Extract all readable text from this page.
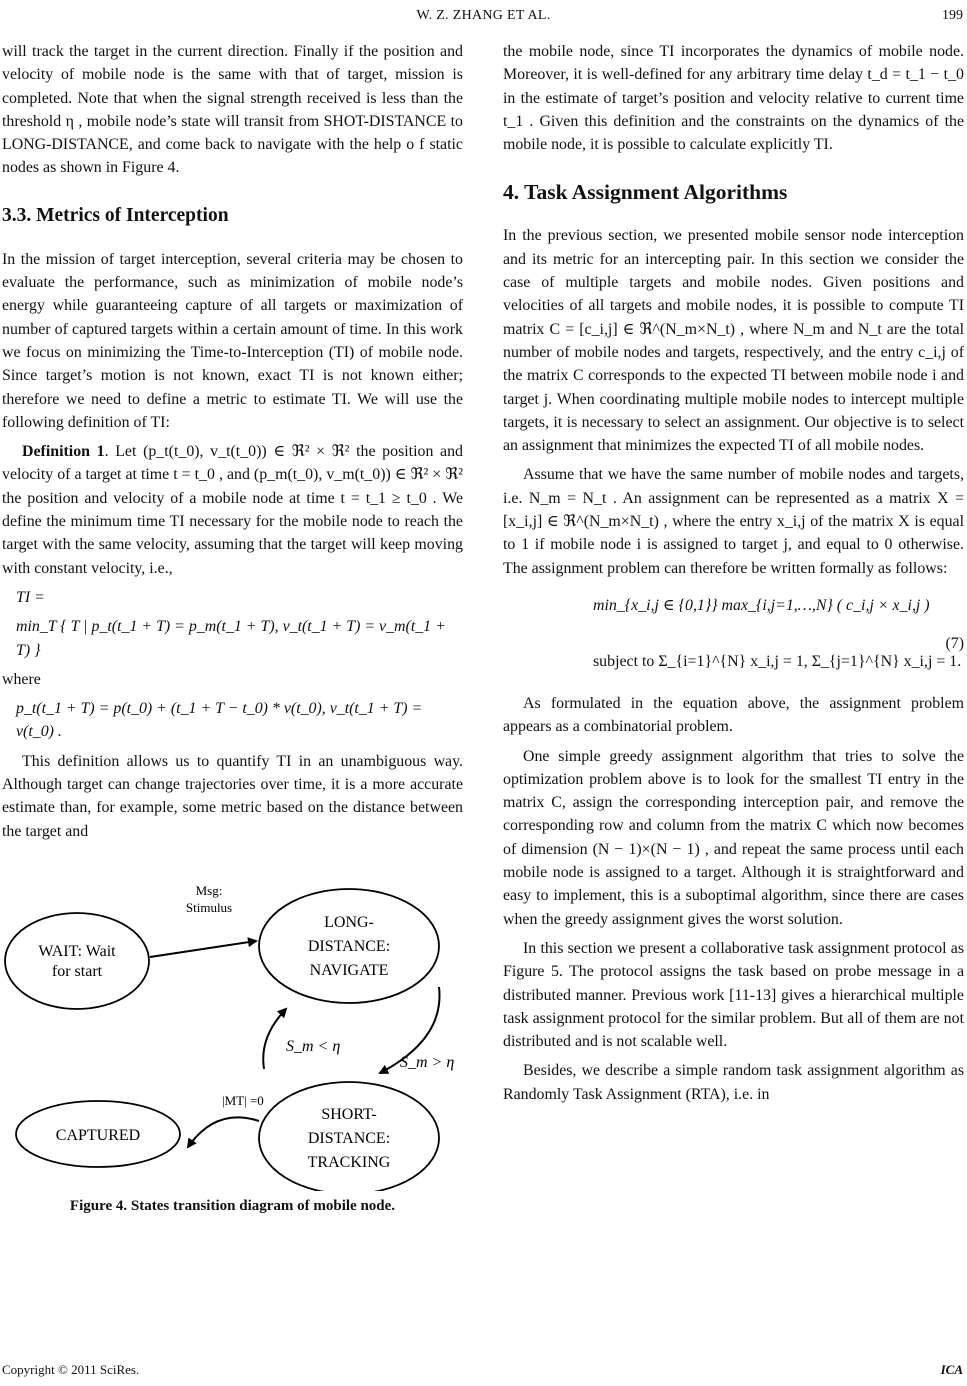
W. Z. ZHANG ET AL.	199

will track the target in the current direction. Finally if the position and velocity of mobile node is the same with that of target, mission is completed. Note that when the signal strength received is less than the threshold η , mobile node’s state will transit from SHOT-DISTANCE to LONG-DISTANCE, and come back to navigate with the help o f static nodes as shown in Figure 4.

3.3. Metrics of Interception

In the mission of target interception, several criteria may be chosen to evaluate the performance, such as minimization of mobile node’s energy while guaranteeing capture of all targets or maximization of number of captured targets within a certain amount of time. In this work we focus on minimizing the Time-to-Interception (TI) of mobile node. Since target’s motion is not known, exact TI is not known either; therefore we need to define a metric to estimate TI. We will use the following definition of TI:

Definition 1. Let (p_t(t_0), v_t(t_0)) ∈ ℜ² × ℜ² the position and velocity of a target at time t = t_0 , and (p_m(t_0), v_m(t_0)) ∈ ℜ² × ℜ² the position and velocity of a mobile node at time t = t_1 ≥ t_0 . We define the minimum time TI necessary for the mobile node to reach the target with the same velocity, assuming that the target will keep moving with constant velocity, i.e.,

TI =
min_T { T | p_t(t_1 + T) = p_m(t_1 + T), v_t(t_1 + T) = v_m(t_1 + T) }

where

p_t(t_1 + T) = p(t_0) + (t_1 + T − t_0) * v(t_0), v_t(t_1 + T) = v(t_0) .

This definition allows us to quantify TI in an unambiguous way. Although target can change trajectories over time, it is a more accurate estimate than, for example, some metric based on the distance between the target and

WAIT: Wait
for start
LONG-
DISTANCE:
NAVIGATE
SHORT-
DISTANCE:
TRACKING
CAPTURED
Msg:
Stimulus
S_m < η
S_m > η
|MT| =0
Figure 4. States transition diagram of mobile node.

the mobile node, since TI incorporates the dynamics of mobile node. Moreover, it is well-defined for any arbitrary time delay t_d = t_1 − t_0 in the estimate of target’s position and velocity relative to current time t_1 . Given this definition and the constraints on the dynamics of the mobile node, it is possible to calculate explicitly TI.

4. Task Assignment Algorithms

In the previous section, we presented mobile sensor node interception and its metric for an intercepting pair. In this section we consider the case of multiple targets and mobile nodes. Given positions and velocities of all targets and mobile nodes, it is possible to compute TI matrix C = [c_i,j] ∈ ℜ^(N_m×N_t) , where N_m and N_t are the total number of mobile nodes and targets, respectively, and the entry c_i,j of the matrix C corresponds to the expected TI between mobile node i and target j. When coordinating multiple mobile nodes to intercept multiple targets, it is necessary to select an assignment. Our objective is to select an assignment that minimizes the expected TI of all mobile nodes.

Assume that we have the same number of mobile nodes and targets, i.e. N_m = N_t . An assignment can be represented as a matrix X = [x_i,j] ∈ ℜ^(N_m×N_t) , where the entry x_i,j of the matrix X is equal to 1 if mobile node i is assigned to target j, and equal to 0 otherwise. The assignment problem can therefore be written formally as follows:

min_{x_i,j ∈ {0,1}} max_{i,j=1,…,N} ( c_i,j × x_i,j )
subject to Σ_{i=1}^{N} x_i,j = 1, Σ_{j=1}^{N} x_i,j = 1.
(7)

As formulated in the equation above, the assignment problem appears as a combinatorial problem.

One simple greedy assignment algorithm that tries to solve the optimization problem above is to look for the smallest TI entry in the matrix C, assign the corresponding interception pair, and remove the corresponding row and column from the matrix C which now becomes of dimension (N − 1)×(N − 1) , and repeat the same process until each mobile node is assigned to a target. Although it is straightforward and easy to implement, this is a suboptimal algorithm, since there are cases when the greedy assignment gives the worst solution.

In this section we present a collaborative task assignment protocol as Figure 5. The protocol assigns the task based on probe message in a distributed manner. Previous work [11-13] gives a hierarchical multiple task assignment protocol for the similar problem. But all of them are not distributed and is not scalable well.

Besides, we describe a simple random task assignment algorithm as Randomly Task Assignment (RTA), i.e. in

Copyright © 2011 SciRes.	ICA
